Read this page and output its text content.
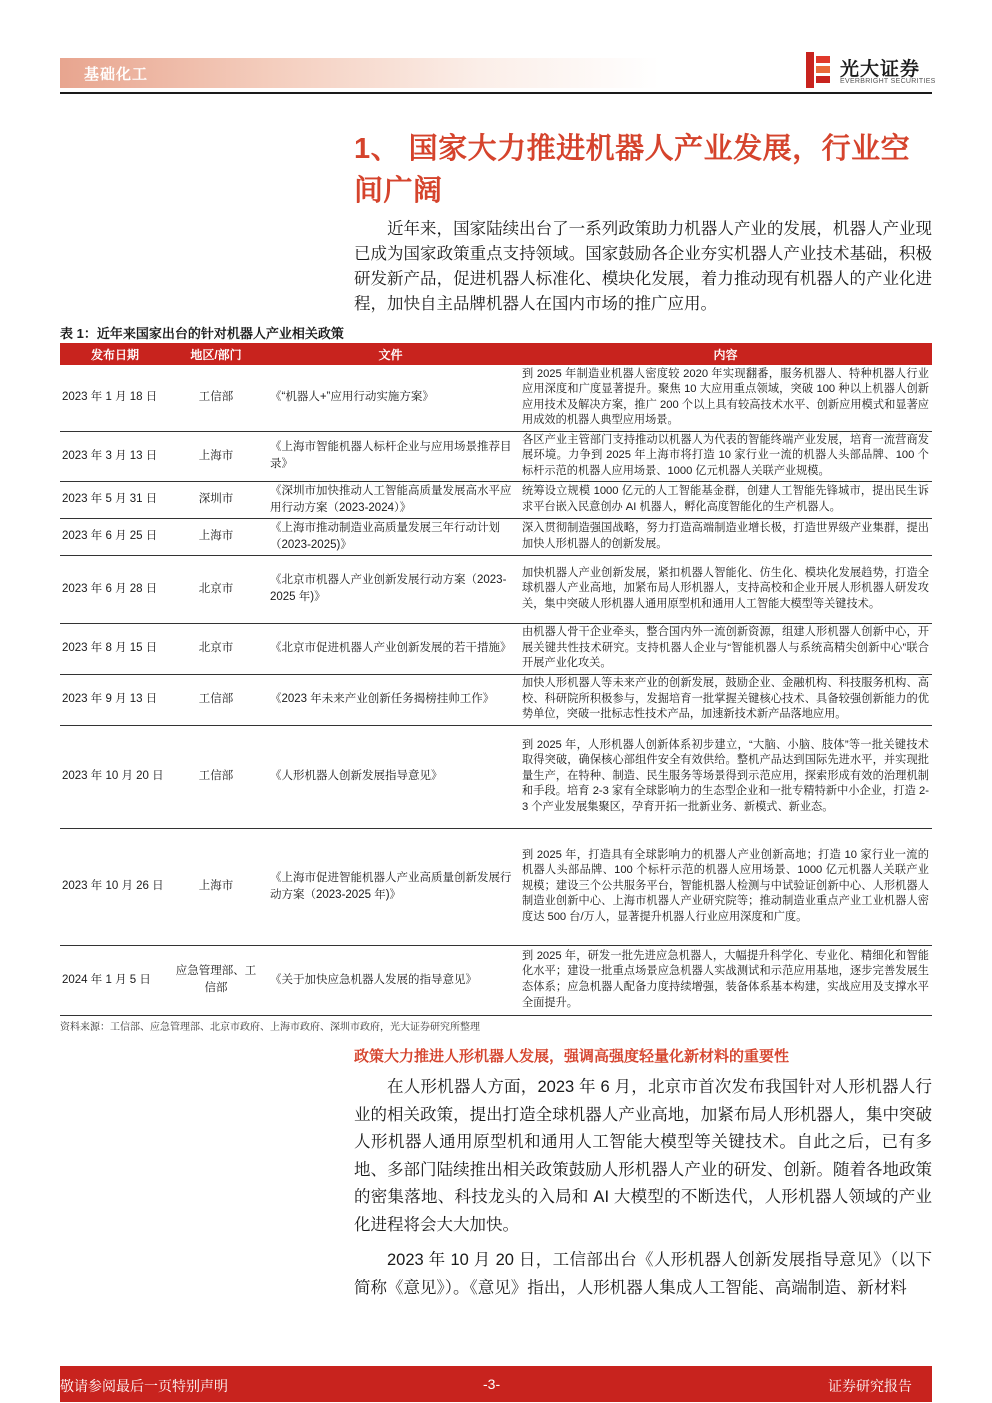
基础化工	光大证券
EVERBRIGHT SECURITIES
1、 国家大力推进机器人产业发展，行业空间广阔
近年来，国家陆续出台了一系列政策助力机器人产业的发展，机器人产业现已成为国家政策重点支持领域。国家鼓励各企业夯实机器人产业技术基础，积极研发新产品，促进机器人标准化、模块化发展，着力推动现有机器人的产业化进程，加快自主品牌机器人在国内市场的推广应用。
表 1：近年来国家出台的针对机器人产业相关政策
发布日期	地区/部门	文件	内容
2023 年 1 月 18 日	工信部	《“机器人+”应用行动实施方案》	到 2025 年制造业机器人密度较 2020 年实现翻番，服务机器人、特种机器人行业应用深度和广度显著提升。聚焦 10 大应用重点领域，突破 100 种以上机器人创新应用技术及解决方案，推广 200 个以上具有较高技术水平、创新应用模式和显著应用成效的机器人典型应用场景。
2023 年 3 月 13 日	上海市	《上海市智能机器人标杆企业与应用场景推荐目录》	各区产业主管部门支持推动以机器人为代表的智能终端产业发展，培育一流营商发展环境。力争到 2025 年上海市将打造 10 家行业一流的机器人头部品牌、100 个标杆示范的机器人应用场景、1000 亿元机器人关联产业规模。
2023 年 5 月 31 日	深圳市	《深圳市加快推动人工智能高质量发展高水平应用行动方案（2023-2024）》	统筹设立规模 1000 亿元的人工智能基金群，创建人工智能先锋城市，提出民生诉求平台嵌入民意创办 AI 机器人，孵化高度智能化的生产机器人。
2023 年 6 月 25 日	上海市	《上海市推动制造业高质量发展三年行动计划（2023-2025)》	深入贯彻制造强国战略，努力打造高端制造业增长极，打造世界级产业集群，提出加快人形机器人的创新发展。
2023 年 6 月 28 日	北京市	《北京市机器人产业创新发展行动方案（2023-2025 年)》	加快机器人产业创新发展，紧扣机器人智能化、仿生化、模块化发展趋势，打造全球机器人产业高地，加紧布局人形机器人，支持高校和企业开展人形机器人研发攻关，集中突破人形机器人通用原型机和通用人工智能大模型等关键技术。
2023 年 8 月 15 日	北京市	《北京市促进机器人产业创新发展的若干措施》	由机器人骨干企业牵头，整合国内外一流创新资源，组建人形机器人创新中心，开展关键共性技术研究。支持机器人企业与“智能机器人与系统高精尖创新中心”联合开展产业化攻关。
2023 年 9 月 13 日	工信部	《2023 年未来产业创新任务揭榜挂帅工作》	加快人形机器人等未来产业的创新发展，鼓励企业、金融机构、科技服务机构、高校、科研院所积极参与，发掘培育一批掌握关键核心技术、具备较强创新能力的优势单位，突破一批标志性技术产品，加速新技术新产品落地应用。
2023 年 10 月 20 日	工信部	《人形机器人创新发展指导意见》	到 2025 年，人形机器人创新体系初步建立，“大脑、小脑、肢体”等一批关键技术取得突破，确保核心部组件安全有效供给。整机产品达到国际先进水平，并实现批量生产，在特种、制造、民生服务等场景得到示范应用，探索形成有效的治理机制和手段。培育 2-3 家有全球影响力的生态型企业和一批专精特新中小企业，打造 2-3 个产业发展集聚区，孕育开拓一批新业务、新模式、新业态。
2023 年 10 月 26 日	上海市	《上海市促进智能机器人产业高质量创新发展行动方案（2023-2025 年)》	到 2025 年，打造具有全球影响力的机器人产业创新高地；打造 10 家行业一流的机器人头部品牌、100 个标杆示范的机器人应用场景、1000 亿元机器人关联产业规模；建设三个公共服务平台，智能机器人检测与中试验证创新中心、人形机器人制造业创新中心、上海市机器人产业研究院等；推动制造业重点产业工业机器人密度达 500 台/万人，显著提升机器人行业应用深度和广度。
2024 年 1 月 5 日	应急管理部、工信部	《关于加快应急机器人发展的指导意见》	到 2025 年，研发一批先进应急机器人，大幅提升科学化、专业化、精细化和智能化水平；建设一批重点场景应急机器人实战测试和示范应用基地，逐步完善发展生态体系；应急机器人配备力度持续增强，装备体系基本构建，实战应用及支撑水平全面提升。
资料来源：工信部、应急管理部、北京市政府、上海市政府、深圳市政府，光大证券研究所整理
政策大力推进人形机器人发展，强调高强度轻量化新材料的重要性
在人形机器人方面，2023 年 6 月，北京市首次发布我国针对人形机器人行业的相关政策，提出打造全球机器人产业高地，加紧布局人形机器人，集中突破人形机器人通用原型机和通用人工智能大模型等关键技术。自此之后，已有多地、多部门陆续推出相关政策鼓励人形机器人产业的研发、创新。随着各地政策的密集落地、科技龙头的入局和 AI 大模型的不断迭代，人形机器人领域的产业化进程将会大大加快。
2023 年 10 月 20 日，工信部出台《人形机器人创新发展指导意见》（以下简称《意见》）。《意见》指出，人形机器人集成人工智能、高端制造、新材料
敬请参阅最后一页特别声明	-3-	证券研究报告
